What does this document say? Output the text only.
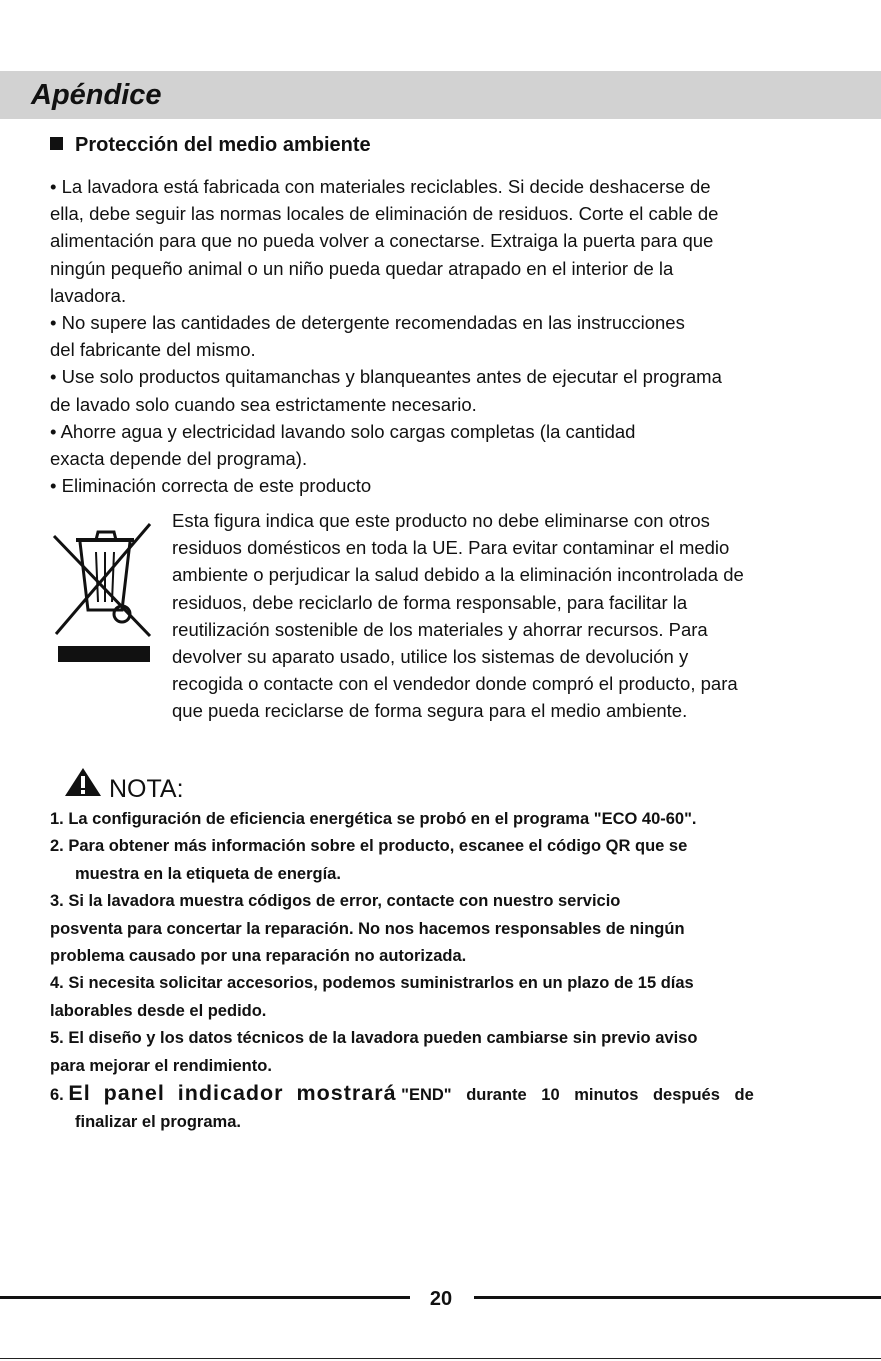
Apéndice
Protección del medio ambiente

• La lavadora está fabricada con materiales reciclables. Si decide deshacerse de

ella, debe seguir las normas locales de eliminación de residuos. Corte el cable de

alimentación para que no pueda volver a conectarse. Extraiga la puerta para que

ningún pequeño animal o un niño pueda quedar atrapado en el interior de la

lavadora.

• No supere las cantidades de detergente recomendadas en las instrucciones

del fabricante del mismo.

• Use solo productos quitamanchas y blanqueantes antes de ejecutar el programa

de lavado solo cuando sea estrictamente necesario.

• Ahorre agua y electricidad lavando solo cargas completas (la cantidad

exacta depende del programa).

• Eliminación correcta de este producto

Esta figura indica que este producto no debe eliminarse con otros

residuos domésticos en toda la UE. Para evitar contaminar el medio

ambiente o perjudicar la salud debido a la eliminación incontrolada de

residuos, debe reciclarlo de forma responsable, para facilitar la

reutilización sostenible de los materiales y ahorrar recursos. Para

devolver su aparato usado, utilice los sistemas de devolución y

recogida o contacte con el vendedor donde compró el producto, para

que pueda reciclarse de forma segura para el medio ambiente.

NOTA:

1. La configuración de eficiencia energética se probó en el programa "ECO 40-60".

2. Para obtener más información sobre el producto, escanee el código QR que se

muestra en la etiqueta de energía.

3. Si la lavadora muestra códigos de error, contacte con nuestro servicio

posventa para concertar la reparación. No nos hacemos responsables de ningún

problema causado por una reparación no autorizada.

4. Si necesita solicitar accesorios, podemos suministrarlos en un plazo de 15 días

laborables desde el pedido.

5. El diseño y los datos técnicos de la lavadora pueden cambiarse sin previo aviso

para mejorar el rendimiento.

6. El panel indicador mostrará "END" durante 10 minutos después de

finalizar el programa.

20
